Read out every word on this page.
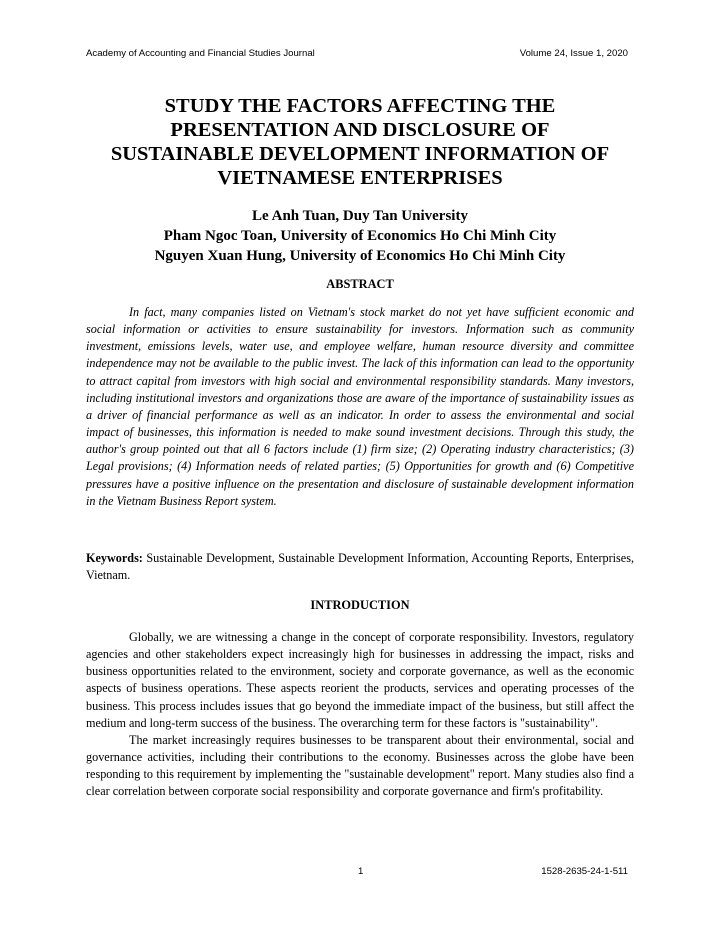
Academy of Accounting and Financial Studies Journal	Volume 24, Issue 1, 2020
STUDY THE FACTORS AFFECTING THE
PRESENTATION AND DISCLOSURE OF
SUSTAINABLE DEVELOPMENT INFORMATION OF
VIETNAMESE ENTERPRISES
Le Anh Tuan, Duy Tan University
Pham Ngoc Toan, University of Economics Ho Chi Minh City
Nguyen Xuan Hung, University of Economics Ho Chi Minh City
ABSTRACT

In fact, many companies listed on Vietnam's stock market do not yet have sufficient economic and social information or activities to ensure sustainability for investors. Information such as community investment, emissions levels, water use, and employee welfare, human resource diversity and committee independence may not be available to the public invest. The lack of this information can lead to the opportunity to attract capital from investors with high social and environmental responsibility standards. Many investors, including institutional investors and organizations those are aware of the importance of sustainability issues as a driver of financial performance as well as an indicator. In order to assess the environmental and social impact of businesses, this information is needed to make sound investment decisions. Through this study, the author's group pointed out that all 6 factors include (1) firm size; (2) Operating industry characteristics; (3) Legal provisions; (4) Information needs of related parties; (5) Opportunities for growth and (6) Competitive pressures have a positive influence on the presentation and disclosure of sustainable development information in the Vietnam Business Report system.

Keywords: Sustainable Development, Sustainable Development Information, Accounting Reports, Enterprises, Vietnam.
INTRODUCTION

Globally, we are witnessing a change in the concept of corporate responsibility. Investors, regulatory agencies and other stakeholders expect increasingly high for businesses in addressing the impact, risks and business opportunities related to the environment, society and corporate governance, as well as the economic aspects of business operations. These aspects reorient the products, services and operating processes of the business. This process includes issues that go beyond the immediate impact of the business, but still affect the medium and long-term success of the business. The overarching term for these factors is "sustainability".

The market increasingly requires businesses to be transparent about their environmental, social and governance activities, including their contributions to the economy. Businesses across the globe have been responding to this requirement by implementing the "sustainable development" report. Many studies also find a clear correlation between corporate social responsibility and corporate governance and firm's profitability.

1	1528-2635-24-1-511
